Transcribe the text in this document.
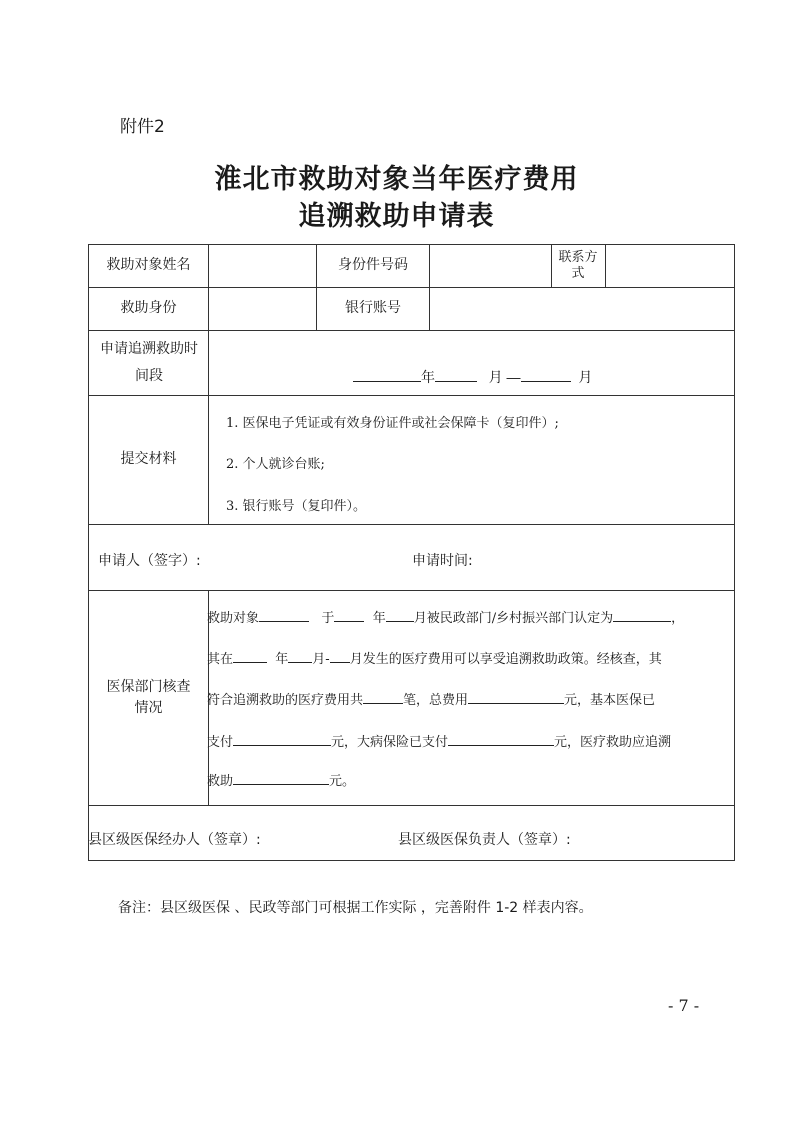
附件2
淮北市救助对象当年医疗费用
追溯救助申请表
救助对象姓名	身份件号码	联系方式
救助身份	银行账号
申请追溯救助时间段	年	月 —	月
提交材料
1. 医保电子凭证或有效身份证件或社会保障卡（复印件）;
2. 个人就诊台账;
3. 银行账号（复印件）。
申请人（签字）:	申请时间:
医保部门核查情况
救助对象	于	年 月被民政部门/乡村振兴部门认定为	，
其在	年 月- 月发生的医疗费用可以享受追溯救助政策。经核查，其
符合追溯救助的医疗费用共	笔，总费用	元，基本医保已
支付	元，大病保险已支付	元，医疗救助应追溯
救助	元。
县区级医保经办人（签章）:	县区级医保负责人（签章）:
备注：县区级医保 、民政等部门可根据工作实际 ，完善附件 1-2 样表内容。
- 7 -
